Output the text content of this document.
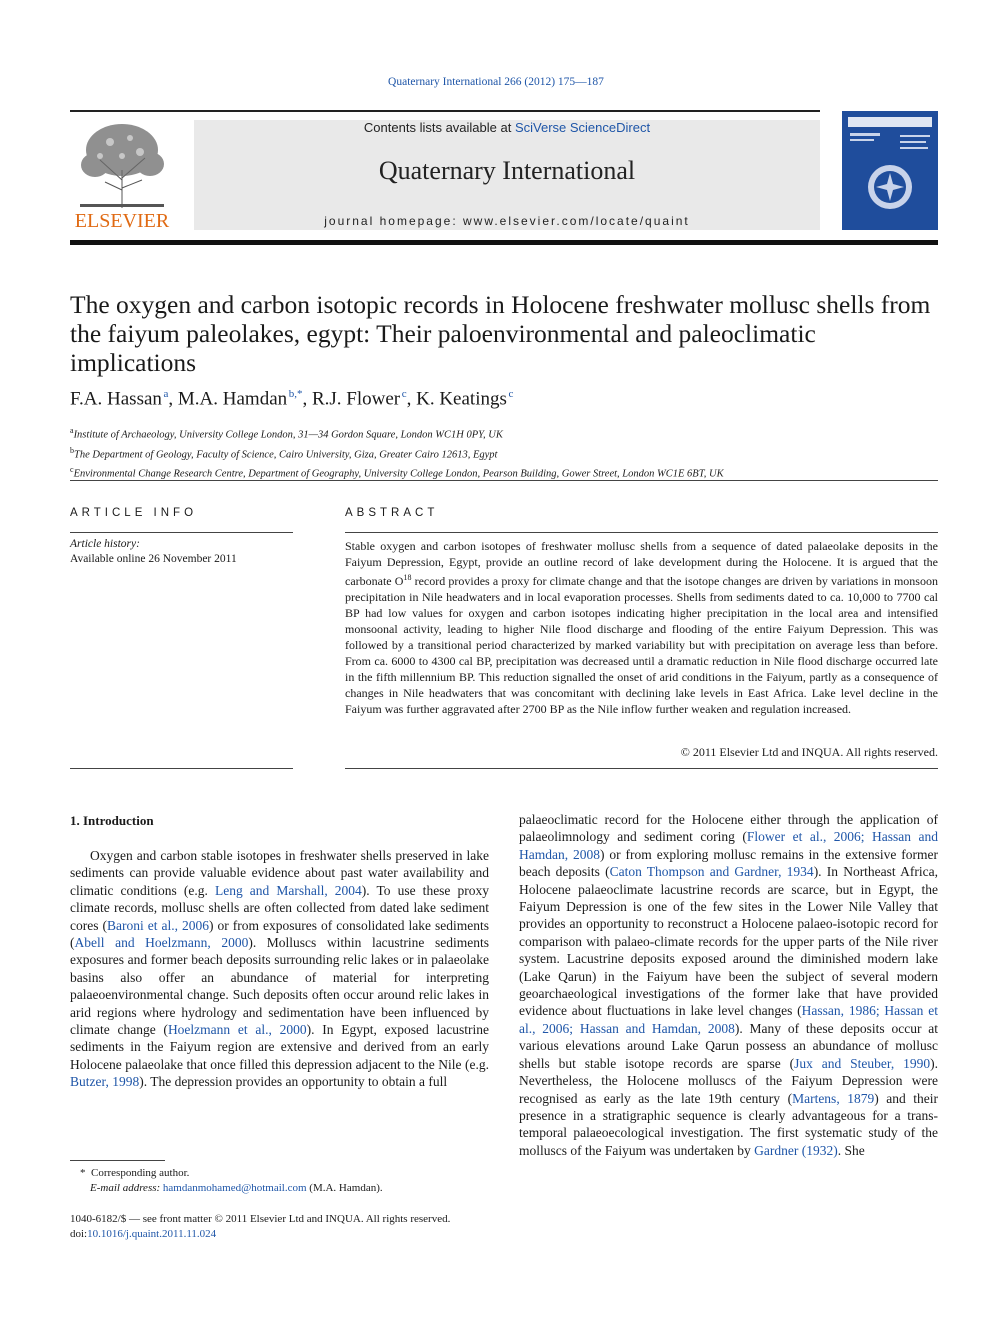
Quaternary International 266 (2012) 175—187
ELSEVIER
Contents lists available at SciVerse ScienceDirect
Quaternary International
journal homepage: www.elsevier.com/locate/quaint
The oxygen and carbon isotopic records in Holocene freshwater mollusc shells from the faiyum paleolakes, egypt: Their paloenvironmental and paleoclimatic implications
F.A. Hassan  $^a$, M.A. Hamdan  $^{b,*}$, R.J. Flower  $^c$, K. Keatings  $^c$
$^a$Institute of Archaeology, University College London, 31—34 Gordon Square, London WC1H 0PY, UK
$^b$The Department of Geology, Faculty of Science, Cairo University, Giza, Greater Cairo 12613, Egypt
$^c$Environmental Change Research Centre, Department of Geography, University College London, Pearson Building, Gower Street, London WC1E 6BT, UK
ARTICLE INFO
Article history:
Available online 26 November 2011
ABSTRACT
Stable oxygen and carbon isotopes of freshwater mollusc shells from a sequence of dated palaeolake deposits in the Faiyum Depression, Egypt, provide an outline record of lake development during the Holocene. It is argued that the carbonate $O^{18}$ record provides a proxy for climate change and that the isotope changes are driven by variations in monsoon precipitation in Nile headwaters and in local evaporation processes. Shells from sediments dated to ca. 10,000 to 7700 cal BP had low values for oxygen and carbon isotopes indicating higher precipitation in the local area and intensified monsoonal activity, leading to higher Nile flood discharge and flooding of the entire Faiyum Depression. This was followed by a transitional period characterized by marked variability but with precipitation on average less than before. From ca. 6000 to 4300 cal BP, precipitation was decreased until a dramatic reduction in Nile flood discharge occurred late in the fifth millennium BP. This reduction signalled the onset of arid conditions in the Faiyum, partly as a consequence of changes in Nile headwaters that was concomitant with declining lake levels in East Africa. Lake level decline in the Faiyum was further aggravated after 2700 BP as the Nile inflow further weaken and regulation increased.
© 2011 Elsevier Ltd and INQUA. All rights reserved.
1. Introduction

Oxygen and carbon stable isotopes in freshwater shells preserved in lake sediments can provide valuable evidence about past water availability and climatic conditions (e.g. Leng and Marshall, 2004). To use these proxy climate records, mollusc shells are often collected from dated lake sediment cores (Baroni et al., 2006) or from exposures of consolidated lake sediments (Abell and Hoelzmann, 2000). Molluscs within lacustrine sediments exposures and former beach deposits surrounding relic lakes or in palaeolake basins also offer an abundance of material for interpreting palaeoenvironmental change. Such deposits often occur around relic lakes in arid regions where hydrology and sedimentation have been influenced by climate change (Hoelzmann et al., 2000). In Egypt, exposed lacustrine sediments in the Faiyum region are extensive and derived from an early Holocene palaeolake that once filled this depression adjacent to the Nile (e.g. Butzer, 1998). The depression provides an opportunity to obtain a full

palaeoclimatic record for the Holocene either through the application of palaeolimnology and sediment coring (Flower et al., 2006; Hassan and Hamdan, 2008) or from exploring mollusc remains in the extensive former beach deposits (Caton Thompson and Gardner, 1934). In Northeast Africa, Holocene palaeoclimate lacustrine records are scarce, but in Egypt, the Faiyum Depression is one of the few sites in the Lower Nile Valley that provides an opportunity to reconstruct a Holocene palaeo-isotopic record for comparison with palaeo-climate records for the upper parts of the Nile river system. Lacustrine deposits exposed around the diminished modern lake (Lake Qarun) in the Faiyum have been the subject of several modern geoarchaeological investigations of the former lake that have provided evidence about fluctuations in lake level changes (Hassan, 1986; Hassan et al., 2006; Hassan and Hamdan, 2008). Many of these deposits occur at various elevations around Lake Qarun possess an abundance of mollusc shells but stable isotope records are sparse (Jux and Steuber, 1990). Nevertheless, the Holocene molluscs of the Faiyum Depression were recognised as early as the late 19th century (Martens, 1879) and their presence in a stratigraphic sequence is clearly advantageous for a trans-temporal palaeoecological investigation. The first systematic study of the molluscs of the Faiyum was undertaken by Gardner (1932). She

* Corresponding author.
E-mail address: hamdanmohamed@hotmail.com (M.A. Hamdan).
1040-6182/$ — see front matter © 2011 Elsevier Ltd and INQUA. All rights reserved.
doi:10.1016/j.quaint.2011.11.024
